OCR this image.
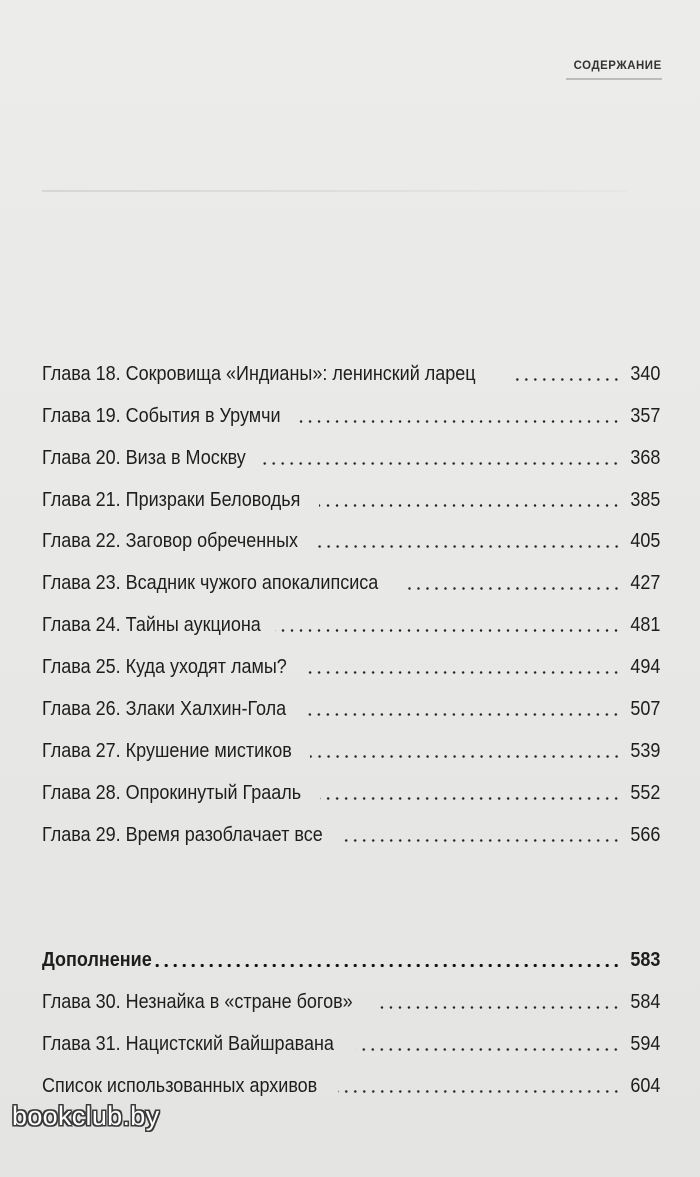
СОДЕРЖАНИЕ
Глава 18. Сокровища «Индианы»: ленинский ларец	340
Глава 19. События в Урумчи	357
Глава 20. Виза в Москву	368
Глава 21. Призраки Беловодья	385
Глава 22. Заговор обреченных	405
Глава 23. Всадник чужого апокалипсиса	427
Глава 24. Тайны аукциона	481
Глава 25. Куда уходят ламы?	494
Глава 26. Злаки Халхин-Гола	507
Глава 27. Крушение мистиков	539
Глава 28. Опрокинутый Грааль	552
Глава 29. Время разоблачает все	566
Дополнение	583
Глава 30. Незнайка в «стране богов»	584
Глава 31. Нацистский Вайшравана	594
Список использованных архивов	604
bookclub.by
